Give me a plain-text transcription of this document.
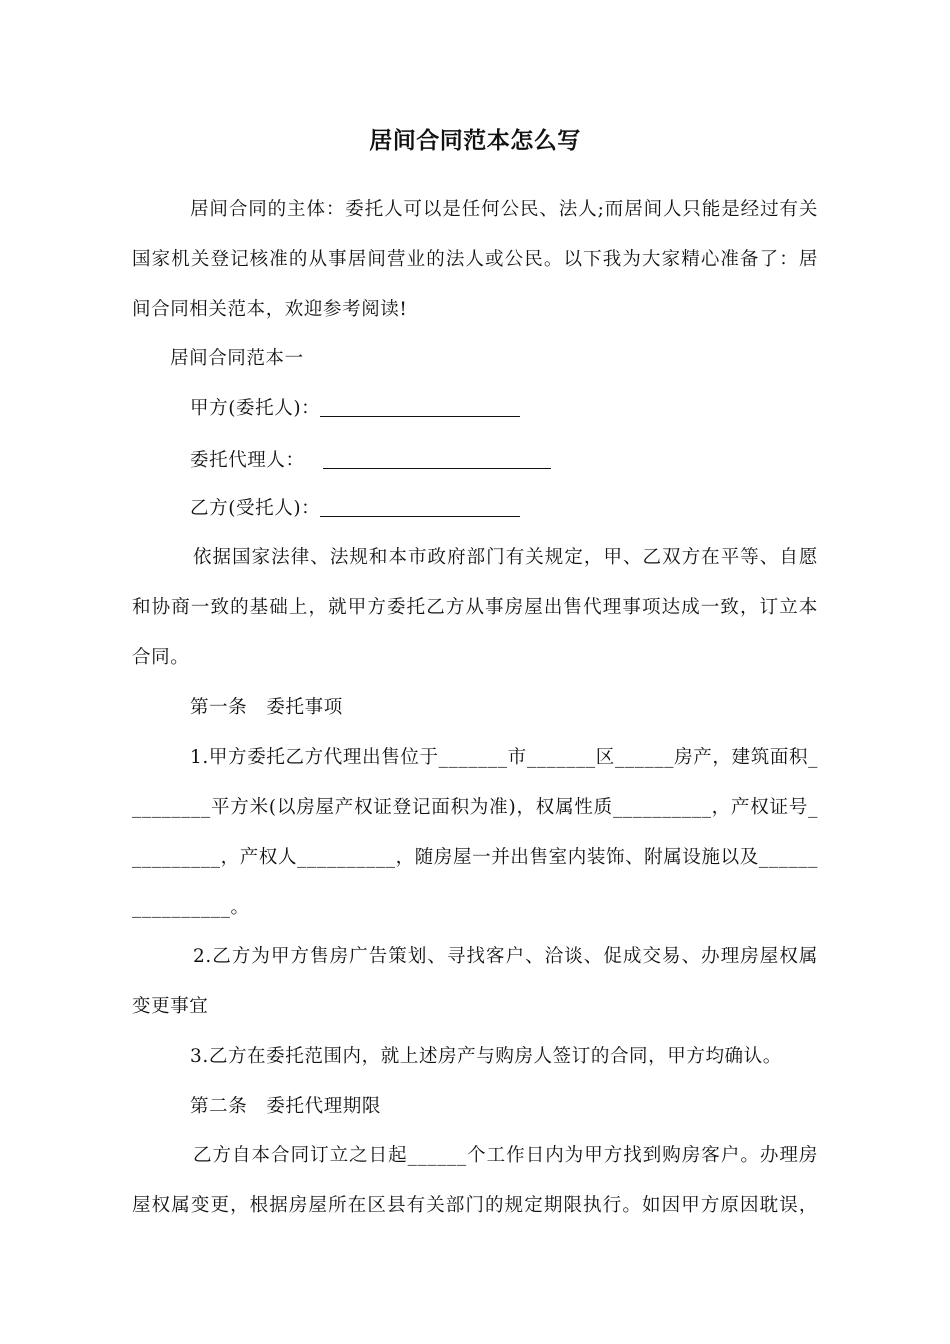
居间合同范本怎么写
居间合同的主体：委托人可以是任何公民、法人;而居间人只能是经过有关
国家机关登记核准的从事居间营业的法人或公民。以下我为大家精心准备了：居
间合同相关范本，欢迎参考阅读!
居间合同范本一
甲方(委托人)：
委托代理人：
乙方(受托人)：
依据国家法律、法规和本市政府部门有关规定，甲、乙双方在平等、自愿
和协商一致的基础上，就甲方委托乙方从事房屋出售代理事项达成一致，订立本
合同。
第一条　委托事项
1.甲方委托乙方代理出售位于_______市_______区______房产，建筑面积_
________平方米(以房屋产权证登记面积为准)，权属性质__________，产权证号_
_________，产权人__________，随房屋一并出售室内装饰、附属设施以及______
__________。
2.乙方为甲方售房广告策划、寻找客户、洽谈、促成交易、办理房屋权属
变更事宜
3.乙方在委托范围内，就上述房产与购房人签订的合同，甲方均确认。
第二条　委托代理期限
乙方自本合同订立之日起______个工作日内为甲方找到购房客户。办理房
屋权属变更，根据房屋所在区县有关部门的规定期限执行。如因甲方原因耽误，
